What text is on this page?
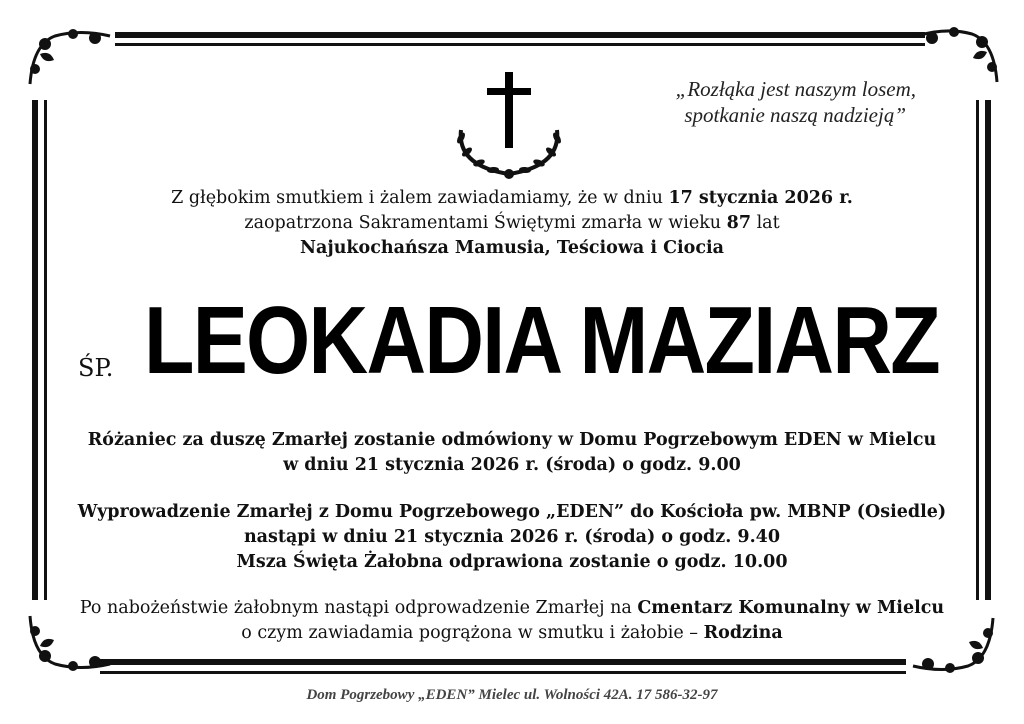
„Rozłąka jest naszym losem,

spotkanie naszą nadzieją”
Z głębokim smutkiem i żalem zawiadamiamy, że w dniu 17 stycznia 2026 r.
zaopatrzona Sakramentami Świętymi zmarła w wieku 87 lat
Najukochańsza Mamusia, Teściowa i Ciocia
ŚP. LEOKADIA MAZIARZ
Różaniec za duszę Zmarłej zostanie odmówiony w Domu Pogrzebowym EDEN w Mielcu
w dniu 21 stycznia 2026 r. (środa) o godz. 9.00
Wyprowadzenie Zmarłej z Domu Pogrzebowego „EDEN” do Kościoła pw. MBNP (Osiedle)
nastąpi w dniu 21 stycznia 2026 r. (środa) o godz. 9.40
Msza Święta Żałobna odprawiona zostanie o godz. 10.00
Po nabożeństwie żałobnym nastąpi odprowadzenie Zmarłej na Cmentarz Komunalny w Mielcu
o czym zawiadamia pogrążona w smutku i żałobie – Rodzina
Dom Pogrzebowy „EDEN” Mielec ul. Wolności 42A. 17 586-32-97
